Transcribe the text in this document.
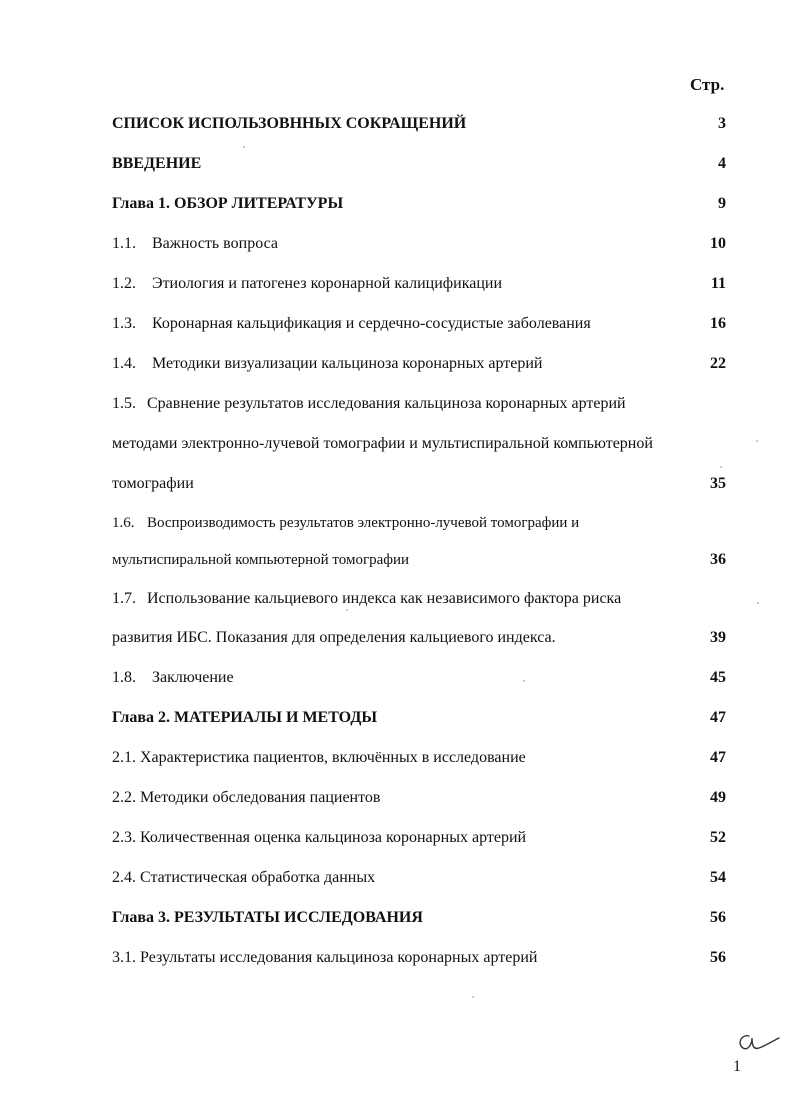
Стр.
СПИСОК ИСПОЛЬЗОВННЫХ СОКРАЩЕНИЙ	3
ВВЕДЕНИЕ	4
Глава 1. ОБЗОР ЛИТЕРАТУРЫ	9
1.1. Важность вопроса	10
1.2. Этиология и патогенез коронарной калицификации	11
1.3. Коронарная кальцификация и сердечно-сосудистые заболевания	16
1.4. Методики визуализации кальциноза коронарных артерий	22
1.5. Сравнение результатов исследования кальциноза коронарных артерий
методами электронно-лучевой томографии и мультиспиральной компьютерной
томографии	35
1.6. Воспроизводимость результатов электронно-лучевой томографии и
мультиспиральной компьютерной томографии	36
1.7. Использование кальциевого индекса как независимого фактора риска
развития ИБС. Показания для определения кальциевого индекса.	39
1.8. Заключение	45
Глава 2. МАТЕРИАЛЫ И МЕТОДЫ	47
2.1. Характеристика пациентов, включённых в исследование	47
2.2. Методики обследования пациентов	49
2.3. Количественная оценка кальциноза коронарных артерий	52
2.4. Статистическая обработка данных	54
Глава 3. РЕЗУЛЬТАТЫ ИССЛЕДОВАНИЯ	56
3.1. Результаты исследования кальциноза коронарных артерий	56
1
